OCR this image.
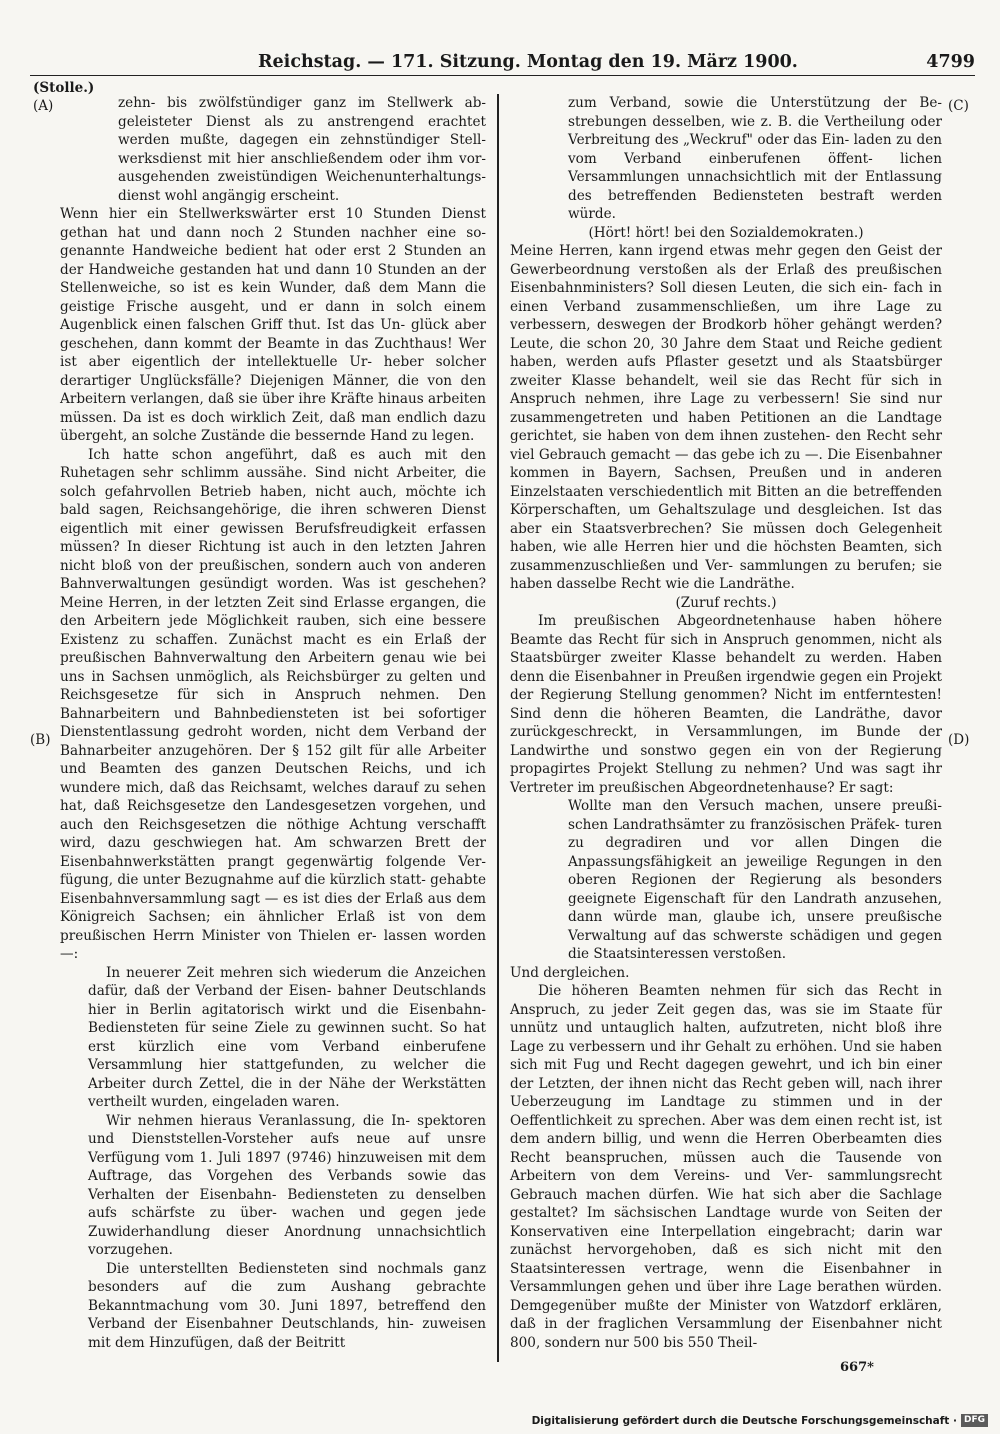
Reichstag. — 171. Sitzung. Montag den 19. März 1900.	4799
(Stolle.)
(A)
(B)
(C)
(D)

zehn- bis zwölfstündiger ganz im Stellwerk ab- geleisteter Dienst als zu anstrengend erachtet werden mußte, dagegen ein zehnstündiger Stell- werksdienst mit hier anschließendem oder ihm vor- ausgehenden zweistündigen Weichenunterhaltungs- dienst wohl angängig erscheint.

Wenn hier ein Stellwerkswärter erst 10 Stunden Dienst gethan hat und dann noch 2 Stunden nachher eine so- genannte Handweiche bedient hat oder erst 2 Stunden an der Handweiche gestanden hat und dann 10 Stunden an der Stellenweiche, so ist es kein Wunder, daß dem Mann die geistige Frische ausgeht, und er dann in solch einem Augenblick einen falschen Griff thut. Ist das Un- glück aber geschehen, dann kommt der Beamte in das Zuchthaus! Wer ist aber eigentlich der intellektuelle Ur- heber solcher derartiger Unglücksfälle? Diejenigen Männer, die von den Arbeitern verlangen, daß sie über ihre Kräfte hinaus arbeiten müssen. Da ist es doch wirklich Zeit, daß man endlich dazu übergeht, an solche Zustände die bessernde Hand zu legen.

Ich hatte schon angeführt, daß es auch mit den Ruhetagen sehr schlimm aussähe. Sind nicht Arbeiter, die solch gefahrvollen Betrieb haben, nicht auch, möchte ich bald sagen, Reichsangehörige, die ihren schweren Dienst eigentlich mit einer gewissen Berufsfreudigkeit erfassen müssen? In dieser Richtung ist auch in den letzten Jahren nicht bloß von der preußischen, sondern auch von anderen Bahnverwaltungen gesündigt worden. Was ist geschehen? Meine Herren, in der letzten Zeit sind Erlasse ergangen, die den Arbeitern jede Möglichkeit rauben, sich eine bessere Existenz zu schaffen. Zunächst macht es ein Erlaß der preußischen Bahnverwaltung den Arbeitern genau wie bei uns in Sachsen unmöglich, als Reichsbürger zu gelten und Reichsgesetze für sich in Anspruch nehmen. Den Bahnarbeitern und Bahnbediensteten ist bei sofortiger Dienstentlassung gedroht worden, nicht dem Verband der Bahnarbeiter anzugehören. Der § 152 gilt für alle Arbeiter und Beamten des ganzen Deutschen Reichs, und ich wundere mich, daß das Reichsamt, welches darauf zu sehen hat, daß Reichsgesetze den Landesgesetzen vorgehen, und auch den Reichsgesetzen die nöthige Achtung verschafft wird, dazu geschwiegen hat. Am schwarzen Brett der Eisenbahnwerkstätten prangt gegenwärtig folgende Ver- fügung, die unter Bezugnahme auf die kürzlich statt- gehabte Eisenbahnversammlung sagt — es ist dies der Erlaß aus dem Königreich Sachsen; ein ähnlicher Erlaß ist von dem preußischen Herrn Minister von Thielen er- lassen worden —:

In neuerer Zeit mehren sich wiederum die Anzeichen dafür, daß der Verband der Eisen- bahner Deutschlands hier in Berlin agitatorisch wirkt und die Eisenbahn-Bediensteten für seine Ziele zu gewinnen sucht. So hat erst kürzlich eine vom Verband einberufene Versammlung hier stattgefunden, zu welcher die Arbeiter durch Zettel, die in der Nähe der Werkstätten vertheilt wurden, eingeladen waren.

Wir nehmen hieraus Veranlassung, die In- spektoren und Dienststellen-Vorsteher aufs neue auf unsre Verfügung vom 1. Juli 1897 (9746) hinzuweisen mit dem Auftrage, das Vorgehen des Verbands sowie das Verhalten der Eisenbahn- Bediensteten zu denselben aufs schärfste zu über- wachen und gegen jede Zuwiderhandlung dieser Anordnung unnachsichtlich vorzugehen.

Die unterstellten Bediensteten sind nochmals ganz besonders auf die zum Aushang gebrachte Bekanntmachung vom 30. Juni 1897, betreffend den Verband der Eisenbahner Deutschlands, hin- zuweisen mit dem Hinzufügen, daß der Beitritt

zum Verband, sowie die Unterstützung der Be- strebungen desselben, wie z. B. die Vertheilung oder Verbreitung des „Weckruf" oder das Ein- laden zu den vom Verband einberufenen öffent- lichen Versammlungen unnachsichtlich mit der Entlassung des betreffenden Bediensteten bestraft werden würde.

(Hört! hört! bei den Sozialdemokraten.)

Meine Herren, kann irgend etwas mehr gegen den Geist der Gewerbeordnung verstoßen als der Erlaß des preußischen Eisenbahnministers? Soll diesen Leuten, die sich ein- fach in einen Verband zusammenschließen, um ihre Lage zu verbessern, deswegen der Brodkorb höher gehängt werden? Leute, die schon 20, 30 Jahre dem Staat und Reiche gedient haben, werden aufs Pflaster gesetzt und als Staatsbürger zweiter Klasse behandelt, weil sie das Recht für sich in Anspruch nehmen, ihre Lage zu verbessern! Sie sind nur zusammengetreten und haben Petitionen an die Landtage gerichtet, sie haben von dem ihnen zustehen- den Recht sehr viel Gebrauch gemacht — das gebe ich zu —. Die Eisenbahner kommen in Bayern, Sachsen, Preußen und in anderen Einzelstaaten verschiedentlich mit Bitten an die betreffenden Körperschaften, um Gehaltszulage und desgleichen. Ist das aber ein Staatsverbrechen? Sie müssen doch Gelegenheit haben, wie alle Herren hier und die höchsten Beamten, sich zusammenzuschließen und Ver- sammlungen zu berufen; sie haben dasselbe Recht wie die Landräthe.

(Zuruf rechts.)

Im preußischen Abgeordnetenhause haben höhere Beamte das Recht für sich in Anspruch genommen, nicht als Staatsbürger zweiter Klasse behandelt zu werden. Haben denn die Eisenbahner in Preußen irgendwie gegen ein Projekt der Regierung Stellung genommen? Nicht im entferntesten! Sind denn die höheren Beamten, die Landräthe, davor zurückgeschreckt, in Versammlungen, im Bunde der Landwirthe und sonstwo gegen ein von der Regierung propagirtes Projekt Stellung zu nehmen? Und was sagt ihr Vertreter im preußischen Abgeordnetenhause? Er sagt:

Wollte man den Versuch machen, unsere preußi- schen Landrathsämter zu französischen Präfek- turen zu degradiren und vor allen Dingen die Anpassungsfähigkeit an jeweilige Regungen in den oberen Regionen der Regierung als besonders geeignete Eigenschaft für den Landrath anzusehen, dann würde man, glaube ich, unsere preußische Verwaltung auf das schwerste schädigen und gegen die Staatsinteressen verstoßen.

Und dergleichen.

Die höheren Beamten nehmen für sich das Recht in Anspruch, zu jeder Zeit gegen das, was sie im Staate für unnütz und untauglich halten, aufzutreten, nicht bloß ihre Lage zu verbessern und ihr Gehalt zu erhöhen. Und sie haben sich mit Fug und Recht dagegen gewehrt, und ich bin einer der Letzten, der ihnen nicht das Recht geben will, nach ihrer Ueberzeugung im Landtage zu stimmen und in der Oeffentlichkeit zu sprechen. Aber was dem einen recht ist, ist dem andern billig, und wenn die Herren Oberbeamten dies Recht beanspruchen, müssen auch die Tausende von Arbeitern von dem Vereins- und Ver- sammlungsrecht Gebrauch machen dürfen. Wie hat sich aber die Sachlage gestaltet? Im sächsischen Landtage wurde von Seiten der Konservativen eine Interpellation eingebracht; darin war zunächst hervorgehoben, daß es sich nicht mit den Staatsinteressen vertrage, wenn die Eisenbahner in Versammlungen gehen und über ihre Lage berathen würden. Demgegenüber mußte der Minister von Watzdorf erklären, daß in der fraglichen Versammlung der Eisenbahner nicht 800, sondern nur 500 bis 550 Theil-

667*
Digitalisierung gefördert durch die Deutsche Forschungsgemeinschaft · DFG
